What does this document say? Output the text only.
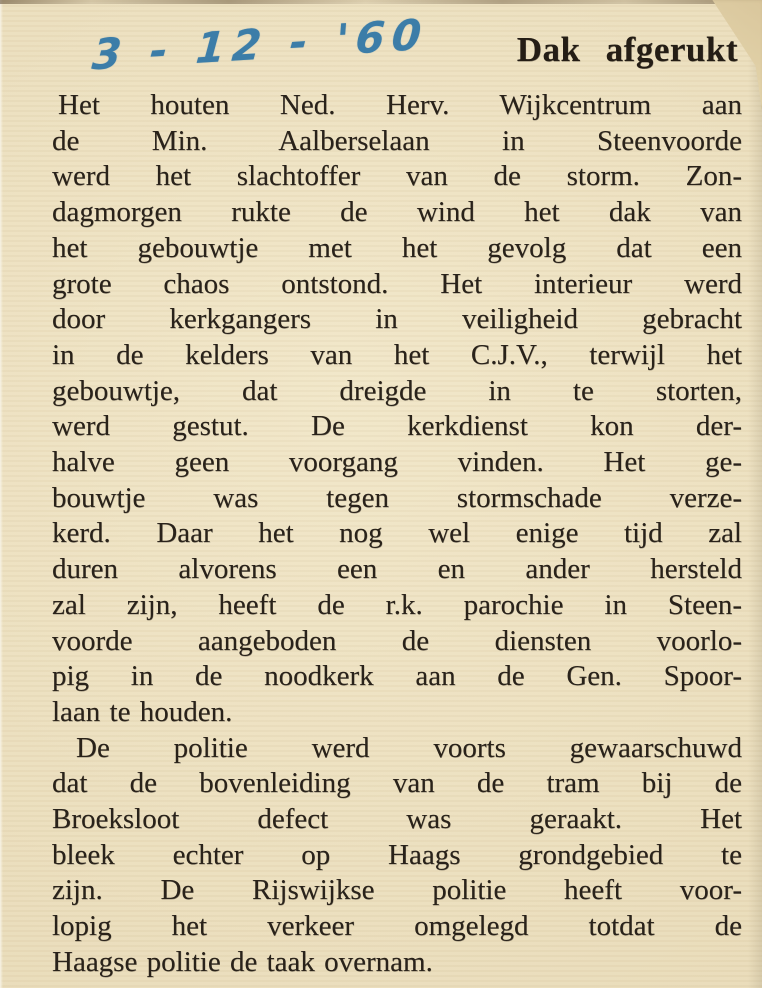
3 - 12 - '60 Dak afgerukt
Het houten Ned. Herv. Wijkcentrum aan
de Min. Aalberselaan in Steenvoorde
werd het slachtoffer van de storm. Zon-
dagmorgen rukte de wind het dak van
het gebouwtje met het gevolg dat een
grote chaos ontstond. Het interieur werd
door kerkgangers in veiligheid gebracht
in de kelders van het C.J.V., terwijl het
gebouwtje, dat dreigde in te storten,
werd gestut. De kerkdienst kon der-
halve geen voorgang vinden. Het ge-
bouwtje was tegen stormschade verze-
kerd. Daar het nog wel enige tijd zal
duren alvorens een en ander hersteld
zal zijn, heeft de r.k. parochie in Steen-
voorde aangeboden de diensten voorlo-
pig in de noodkerk aan de Gen. Spoor-
laan te houden.
De politie werd voorts gewaarschuwd
dat de bovenleiding van de tram bij de
Broeksloot defect was geraakt. Het
bleek echter op Haags grondgebied te
zijn. De Rijswijkse politie heeft voor-
lopig het verkeer omgelegd totdat de
Haagse politie de taak overnam.
